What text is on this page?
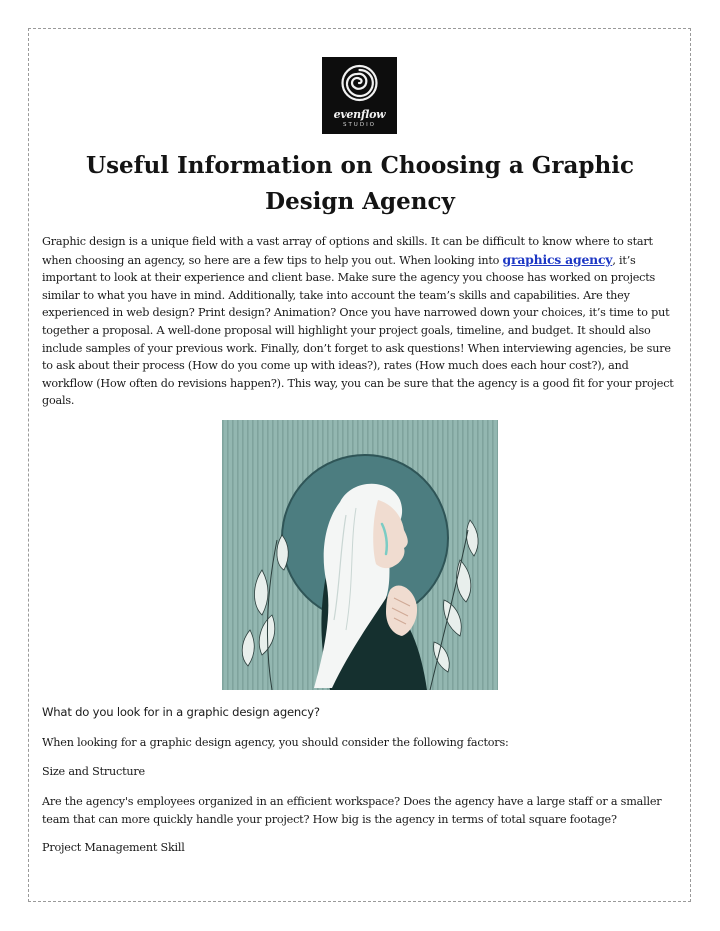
evenflow
STUDIO
Useful Information on Choosing a Graphic Design Agency

Graphic design is a unique field with a vast array of options and skills. It can be difficult to know where to start when choosing an agency, so here are a few tips to help you out. When looking into graphics agency, it’s important to look at their experience and client base. Make sure the agency you choose has worked on projects similar to what you have in mind. Additionally, take into account the team’s skills and capabilities. Are they experienced in web design? Print design? Animation? Once you have narrowed down your choices, it’s time to put together a proposal. A well-done proposal will highlight your project goals, timeline, and budget. It should also include samples of your previous work. Finally, don’t forget to ask questions! When interviewing agencies, be sure to ask about their process (How do you come up with ideas?), rates (How much does each hour cost?), and workflow (How often do revisions happen?). This way, you can be sure that the agency is a good fit for your project goals.

What do you look for in a graphic design agency?

When looking for a graphic design agency, you should consider the following factors:

Size and Structure

Are the agency's employees organized in an efficient workspace? Does the agency have a large staff or a smaller team that can more quickly handle your project? How big is the agency in terms of total square footage?

Project Management Skill
